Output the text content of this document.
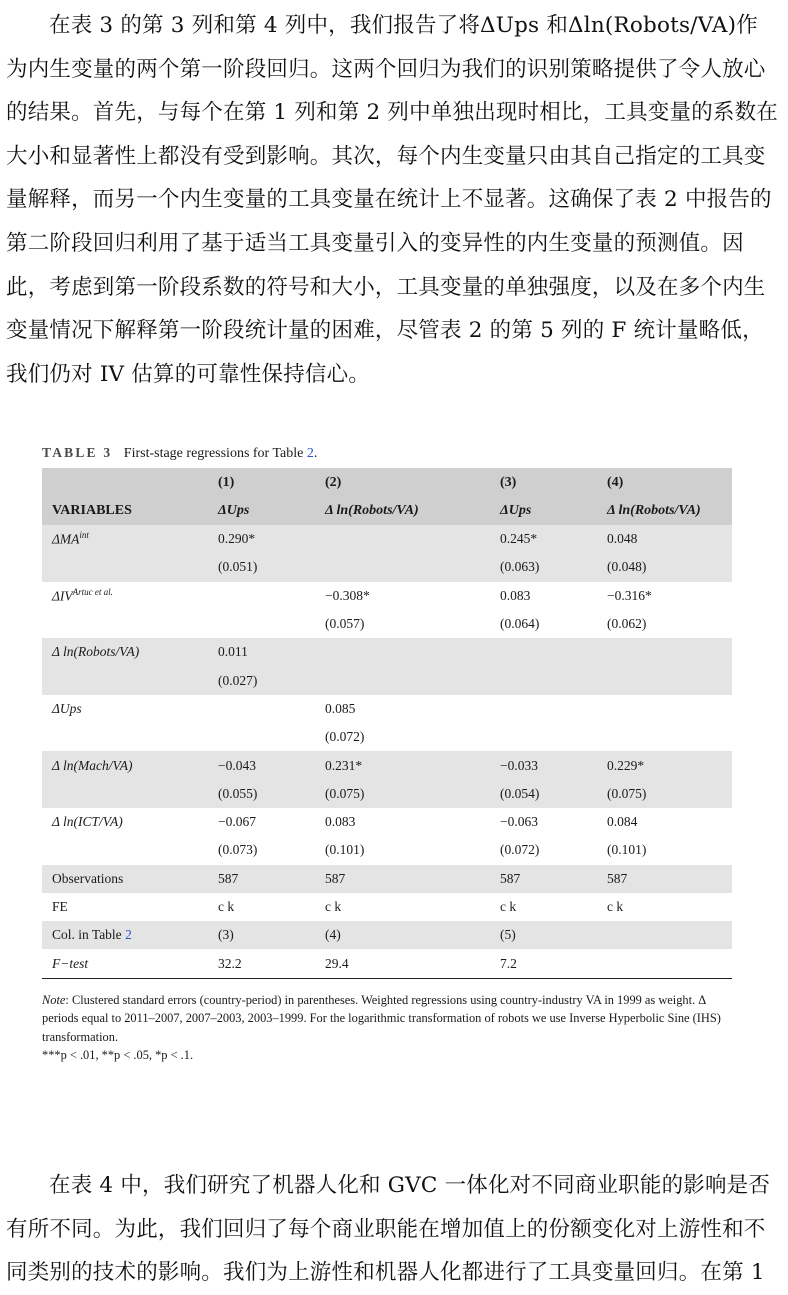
在表 3 的第 3 列和第 4 列中，我们报告了将ΔUps 和Δln(Robots/VA)作为内生变量的两个第一阶段回归。这两个回归为我们的识别策略提供了令人放心的结果。首先，与每个在第 1 列和第 2 列中单独出现时相比，工具变量的系数在大小和显著性上都没有受到影响。其次，每个内生变量只由其自己指定的工具变量解释，而另一个内生变量的工具变量在统计上不显著。这确保了表 2 中报告的第二阶段回归利用了基于适当工具变量引入的变异性的内生变量的预测值。因此，考虑到第一阶段系数的符号和大小，工具变量的单独强度，以及在多个内生变量情况下解释第一阶段统计量的困难，尽管表 2 的第 5 列的 F 统计量略低，我们仍对 IV 估算的可靠性保持信心。

TABLE 3 First-stage regressions for Table 2.
	(1)	(2)	(3)	(4)
VARIABLES	ΔUps	Δ ln(Robots/VA)	ΔUps	Δ ln(Robots/VA)
$\Delta MA^{int}$	0.290*		0.245*	0.048
	(0.051)		(0.063)	(0.048)
$\Delta IV^{Artuc et al.}$		−0.308*	0.083	−0.316*
		(0.057)	(0.064)	(0.062)
Δ ln(Robots/VA)	0.011			
	(0.027)			
ΔUps		0.085		
		(0.072)		
Δ ln(Mach/VA)	−0.043	0.231*	−0.033	0.229*
	(0.055)	(0.075)	(0.054)	(0.075)
Δ ln(ICT/VA)	−0.067	0.083	−0.063	0.084
	(0.073)	(0.101)	(0.072)	(0.101)
Observations	587	587	587	587
FE	c k	c k	c k	c k
Col. in Table 2	(3)	(4)	(5)	
F−test	32.2	29.4	7.2	
Note: Clustered standard errors (country-period) in parentheses. Weighted regressions using country-industry VA in 1999 as weight. Δ periods equal to 2011–2007, 2007–2003, 2003–1999. For the logarithmic transformation of robots we use Inverse Hyperbolic Sine (IHS) transformation.
***p < .01, **p < .05, *p < .1.

在表 4 中，我们研究了机器人化和 GVC 一体化对不同商业职能的影响是否有所不同。为此，我们回归了每个商业职能在增加值上的份额变化对上游性和不同类别的技术的影响。我们为上游性和机器人化都进行了工具变量回归。在第 1
